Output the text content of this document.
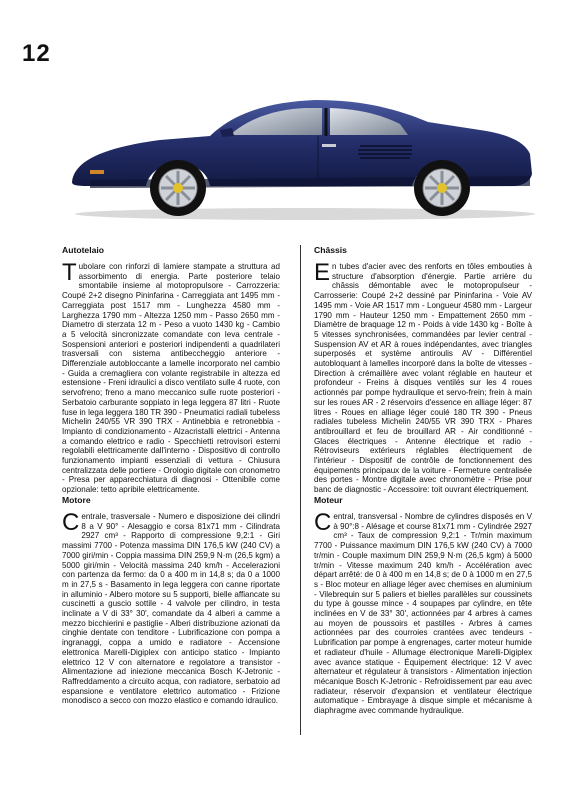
12
Autotelaio

Tubolare con rinforzi di lamiere stampate a struttura ad assorbimento di energia. Parte posteriore telaio smontabile insieme al motopropulsore - Carrozzeria: Coupé 2+2 disegno Pininfarina - Carreggiata ant 1495 mm - Carreggiata post 1517 mm - Lunghezza 4580 mm - Larghezza 1790 mm - Altezza 1250 mm - Passo 2650 mm - Diametro di sterzata 12 m - Peso a vuoto 1430 kg - Cambio a 5 velocità sincronizzate comandate con leva centrale - Sospensioni anteriori e posteriori indipendenti a quadrilateri trasversali con sistema antibeccheggio anteriore - Differenziale autobloccante a lamelle incorporato nel cambio - Guida a cremagliera con volante registrabile in altezza ed estensione - Freni idraulici a disco ventilato sulle 4 ruote, con servofreno; freno a mano meccanico sulle ruote posteriori - Serbatoio carburante soppiato in lega leggera 87 litri - Ruote fuse in lega leggera 180 TR 390 - Pneumatici radiali tubeless Michelin 240/55 VR 390 TRX - Antinebbia e retronebbia - Impianto di condizionamento - Alzacristalli elettrici - Antenna a comando elettrico e radio - Specchietti retrovisori esterni regolabili elettricamente dall'interno - Dispositivo di controllo funzionamento impianti essenziali di vettura - Chiusura centralizzata delle portiere - Orologio digitale con cronometro - Presa per apparecchiatura di diagnosi - Ottenibile come opzionale: tetto apribile elettricamente.

Motore

Centrale, trasversale - Numero e disposizione dei cilindri 8 a V 90° - Alesaggio e corsa 81x71 mm - Cilindrata 2927 cm³ - Rapporto di compressione 9,2:1 - Giri massimi 7700 - Potenza massima DIN 176,5 kW (240 CV) a 7000 giri/min - Coppia massima DIN 259,9 N·m (26,5 kgm) a 5000 giri/min - Velocità massima 240 km/h - Accelerazioni con partenza da fermo: da 0 a 400 m in 14,8 s; da 0 a 1000 m in 27,5 s - Basamento in lega leggera con canne riportate in alluminio - Albero motore su 5 supporti, bielle affiancate su cuscinetti a guscio sottile - 4 valvole per cilindro, in testa inclinate a V di 33° 30', comandate da 4 alberi a camme a mezzo bicchierini e pastiglie - Alberi distribuzione azionati da cinghie dentate con tenditore - Lubrificazione con pompa a ingranaggi, coppa a umido e radiatore - Accensione elettronica Marelli-Digiplex con anticipo statico - Impianto elettrico 12 V con alternatore e regolatore a transistor - Alimentazione ad iniezione meccanica Bosch K-Jetronic - Raffreddamento a circuito acqua, con radiatore, serbatoio ad espansione e ventilatore elettrico automatico - Frizione monodisco a secco con mozzo elastico e comando idraulico.

Châssis

En tubes d'acier avec des renforts en tôles embouties à structure d'absorption d'énergie. Partie arrière du châssis démontable avec le motopropulseur - Carrosserie: Coupé 2+2 dessiné par Pininfarina - Voie AV 1495 mm - Voie AR 1517 mm - Longueur 4580 mm - Largeur 1790 mm - Hauteur 1250 mm - Empattement 2650 mm - Diamètre de braquage 12 m - Poids à vide 1430 kg - Boîte à 5 vitesses synchronisées, commandées par levier central - Suspension AV et AR à roues indépendantes, avec triangles superposés et système antiroulis AV - Différentiel autobloquant à lamelles incorporé dans la boîte de vitesses - Direction à crémaillère avec volant réglable en hauteur et profondeur - Freins à disques ventilés sur les 4 roues actionnés par pompe hydraulique et servo-frein; frein à main sur les roues AR - 2 réservoirs d'essence en alliage léger: 87 litres - Roues en alliage léger coulé 180 TR 390 - Pneus radiales tubeless Michelin 240/55 VR 390 TRX - Phares antibrouillard et feu de brouillard AR - Air conditionné - Glaces électriques - Antenne électrique et radio - Rétroviseurs extérieurs réglables électriquement de l'intérieur - Dispositif de contrôle de fonctionnement des équipements principaux de la voiture - Fermeture centralisée des portes - Montre digitale avec chronomètre - Prise pour banc de diagnostic - Accessoire: toit ouvrant électriquement.

Moteur

Central, transversal - Nombre de cylindres disposés en V à 90°:8 - Alésage et course 81x71 mm - Cylindrée 2927 cm³ - Taux de compression 9,2:1 - Tr/min maximum 7700 - Puissance maximum DIN 176,5 kW (240 CV) à 7000 tr/min - Couple maximum DIN 259,9 N·m (26,5 kgm) à 5000 tr/min - Vitesse maximum 240 km/h - Accélération avec départ arrêté: de 0 à 400 m en 14,8 s; de 0 à 1000 m en 27,5 s - Bloc moteur en alliage léger avec chemises en aluminium - Vilebrequin sur 5 paliers et bielles parallèles sur coussinets du type à gousse mince - 4 soupapes par cylindre, en tête inclinées en V de 33° 30', actionnées par 4 arbres à cames au moyen de poussoirs et pastilles - Arbres à cames actionnées par des courroies crantées avec tendeurs - Lubrification par pompe à engrenages, carter moteur humide et radiateur d'huile - Allumage électronique Marelli-Digiplex avec avance statique - Équipement électrique: 12 V avec alternateur et régulateur à transistors - Alimentation injection mécanique Bosch K-Jetronic - Refroidissement par eau avec radiateur, réservoir d'expansion et ventilateur électrique automatique - Embrayage à disque simple et mécanisme à diaphragme avec commande hydraulique.
